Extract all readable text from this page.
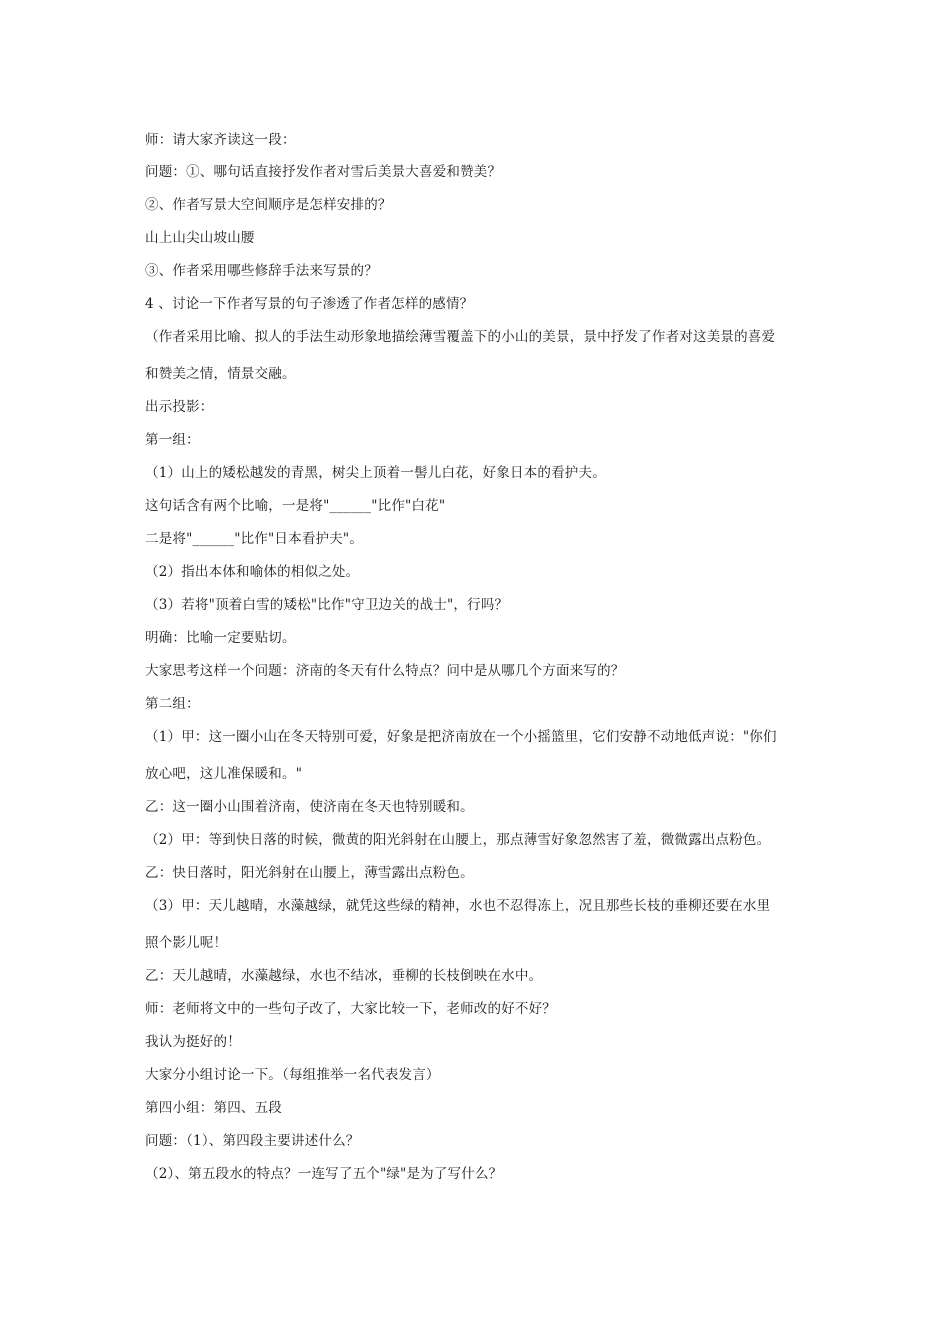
师：请大家齐读这一段：
问题：①、哪句话直接抒发作者对雪后美景大喜爱和赞美？
②、作者写景大空间顺序是怎样安排的？
山上山尖山坡山腰
③、作者采用哪些修辞手法来写景的？
4 、讨论一下作者写景的句子渗透了作者怎样的感情？
（作者采用比喻、拟人的手法生动形象地描绘薄雪覆盖下的小山的美景，景中抒发了作者对这美景的喜爱
和赞美之情，情景交融。
出示投影：
第一组：
（1）山上的矮松越发的青黑，树尖上顶着一髻儿白花，好象日本的看护夫。
这句话含有两个比喻，一是将"______"比作"白花"
二是将"______"比作"日本看护夫"。
（2）指出本体和喻体的相似之处。
（3）若将"顶着白雪的矮松"比作"守卫边关的战士"，行吗？
明确：比喻一定要贴切。
大家思考这样一个问题：济南的冬天有什么特点？问中是从哪几个方面来写的？
第二组：
（1）甲：这一圈小山在冬天特别可爱，好象是把济南放在一个小摇篮里，它们安静不动地低声说："你们
放心吧，这儿准保暖和。"
乙：这一圈小山围着济南，使济南在冬天也特别暖和。
（2）甲：等到快日落的时候，微黄的阳光斜射在山腰上，那点薄雪好象忽然害了羞，微微露出点粉色。
乙：快日落时，阳光斜射在山腰上，薄雪露出点粉色。
（3）甲：天儿越晴，水藻越绿，就凭这些绿的精神，水也不忍得冻上，况且那些长枝的垂柳还要在水里
照个影儿呢！
乙：天儿越晴，水藻越绿，水也不结冰，垂柳的长枝倒映在水中。
师：老师将文中的一些句子改了，大家比较一下，老师改的好不好？
我认为挺好的！
大家分小组讨论一下。（每组推举一名代表发言）
第四小组：第四、五段
问题：（1）、第四段主要讲述什么？
（2）、第五段水的特点？一连写了五个"绿"是为了写什么？
